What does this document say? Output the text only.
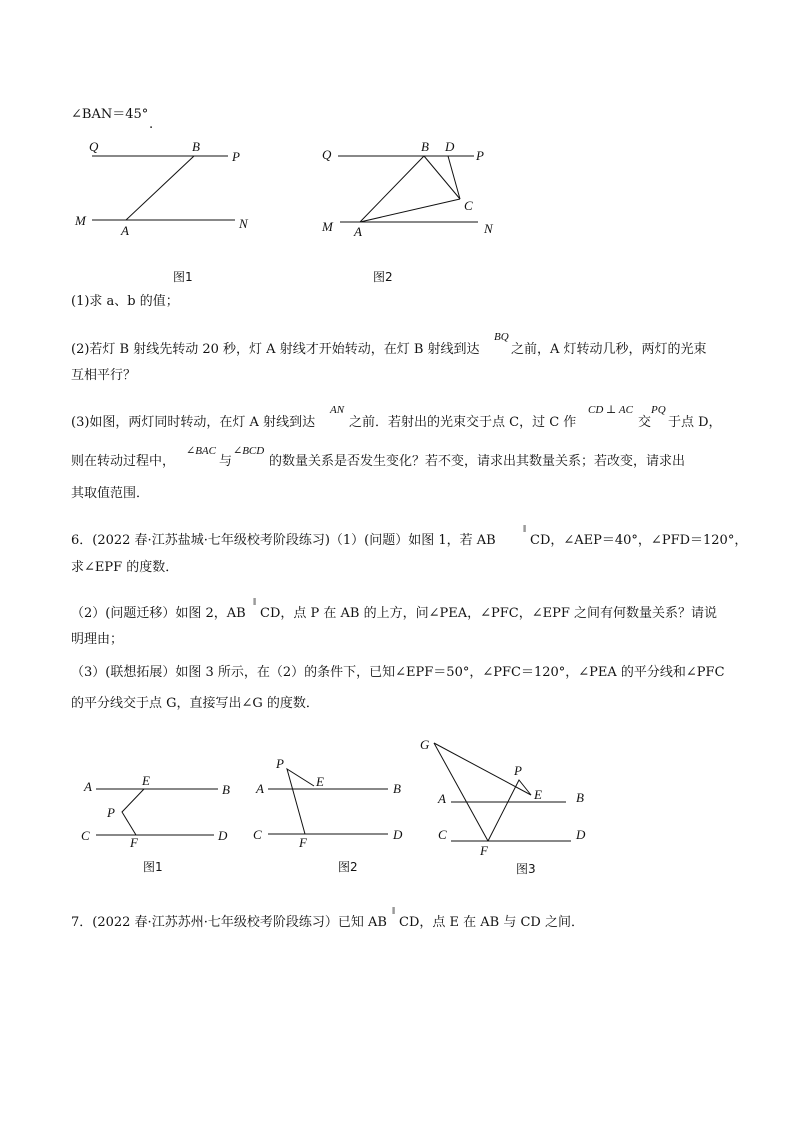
∠BAN＝45°
.
Q	B
P
M
A	N
图1
Q
B D
P
C
M A	N
图2
(1)求 a、b 的值；
(2)若灯 B 射线先转动 20 秒，灯 A 射线才开始转动，在灯 B 射线到达
BQ
之前，A 灯转动几秒，两灯的光束
互相平行？
(3)如图，两灯同时转动，在灯 A 射线到达
AN
之前．若射出的光束交于点 C，过 C 作
CD ⊥ AC
交
PQ
于点 D，
则在转动过程中，
∠BAC
与
∠BCD
的数量关系是否发生变化？若不变，请求出其数量关系；若改变，请求出
其取值范围．
6．(2022 春·江苏盐城·七年级校考阶段练习)（1）(问题）如图 1，若 AB
‖
CD，∠AEP＝40°，∠PFD＝120°，
求∠EPF 的度数．
（2）(问题迁移）如图 2，AB
‖
CD，点 P 在 AB 的上方，问∠PEA，∠PFC，∠EPF 之间有何数量关系？请说
明理由；
（3）(联想拓展）如图 3 所示，在（2）的条件下，已知∠EPF＝50°，∠PFC＝120°，∠PEA 的平分线和∠PFC
的平分线交于点 G，直接写出∠G 的度数．
A	E
B
P
C	F	D
图1
P
E
A	B
C
F
D
图2
G
P
A	E	B
C
F
D
图3
7．(2022 春·江苏苏州·七年级校考阶段练习）已知 AB
‖
CD，点 E 在 AB 与 CD 之间．
